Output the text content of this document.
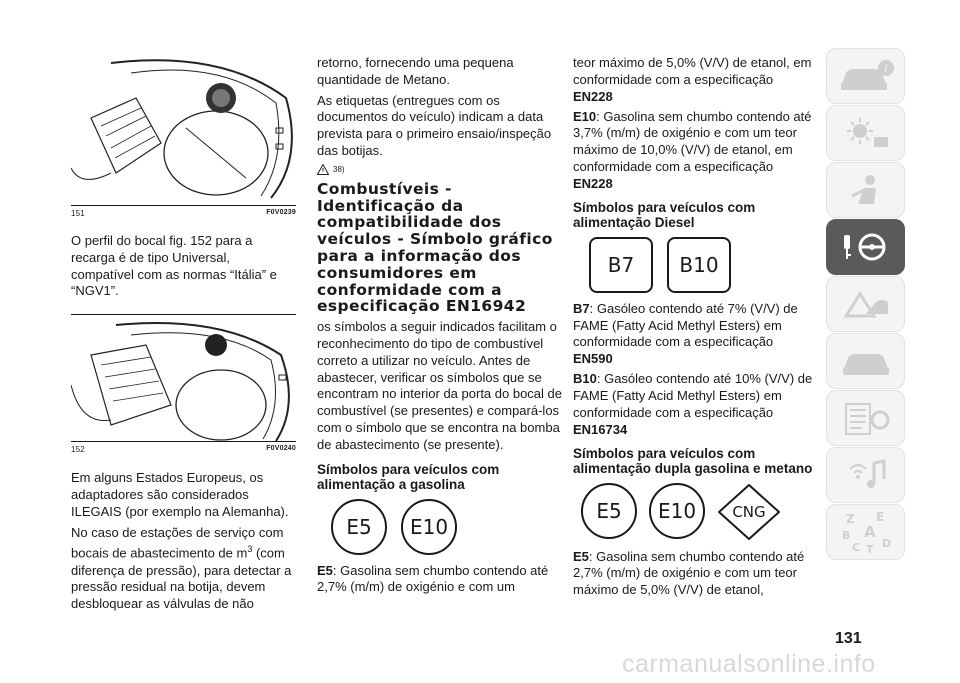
151	F0V0239

O perfil do bocal fig. 152 para a recarga é de tipo Universal, compatível com as normas “Itália” e “NGV1”.

152	F0V0240

Em alguns Estados Europeus, os adaptadores são considerados ILEGAIS (por exemplo na Alemanha).

No caso de estações de serviço com bocais de abastecimento de $m^3$ (com diferença de pressão), para detectar a pressão residual na botija, devem desbloquear as válvulas de não

retorno, fornecendo uma pequena quantidade de Metano.

As etiquetas (entregues com os documentos do veículo) indicam a data prevista para o primeiro ensaio/inspeção das botijas.

38)
Combustíveis - Identificação da compatibilidade dos veículos - Símbolo gráfico para a informação dos consumidores em conformidade com a especificação EN16942

os símbolos a seguir indicados facilitam o reconhecimento do tipo de combustível correto a utilizar no veículo. Antes de abastecer, verificar os símbolos que se encontram no interior da porta do bocal de combustível (se presentes) e compará-los com o símbolo que se encontra na bomba de abastecimento (se presente).

Símbolos para veículos com alimentação a gasolina
E5	E10

E5: Gasolina sem chumbo contendo até 2,7% (m/m) de oxigénio e com um

teor máximo de 5,0% (V/V) de etanol, em conformidade com a especificação

EN228

E10: Gasolina sem chumbo contendo até 3,7% (m/m) de oxigénio e com um teor máximo de 10,0% (V/V) de etanol, em conformidade com a especificação

EN228
Símbolos para veículos com alimentação Diesel
B7	B10

B7: Gasóleo contendo até 7% (V/V) de FAME (Fatty Acid Methyl Esters) em conformidade com a especificação

EN590

B10: Gasóleo contendo até 10% (V/V) de FAME (Fatty Acid Methyl Esters) em conformidade com a especificação

EN16734
Símbolos para veículos com alimentação dupla gasolina e metano
E5	E10	CNG

E5: Gasolina sem chumbo contendo até 2,7% (m/m) de oxigénio e com um teor máximo de 5,0% (V/V) de etanol,

i
Z E
B A
C T D
131
carmanualsonline.info
